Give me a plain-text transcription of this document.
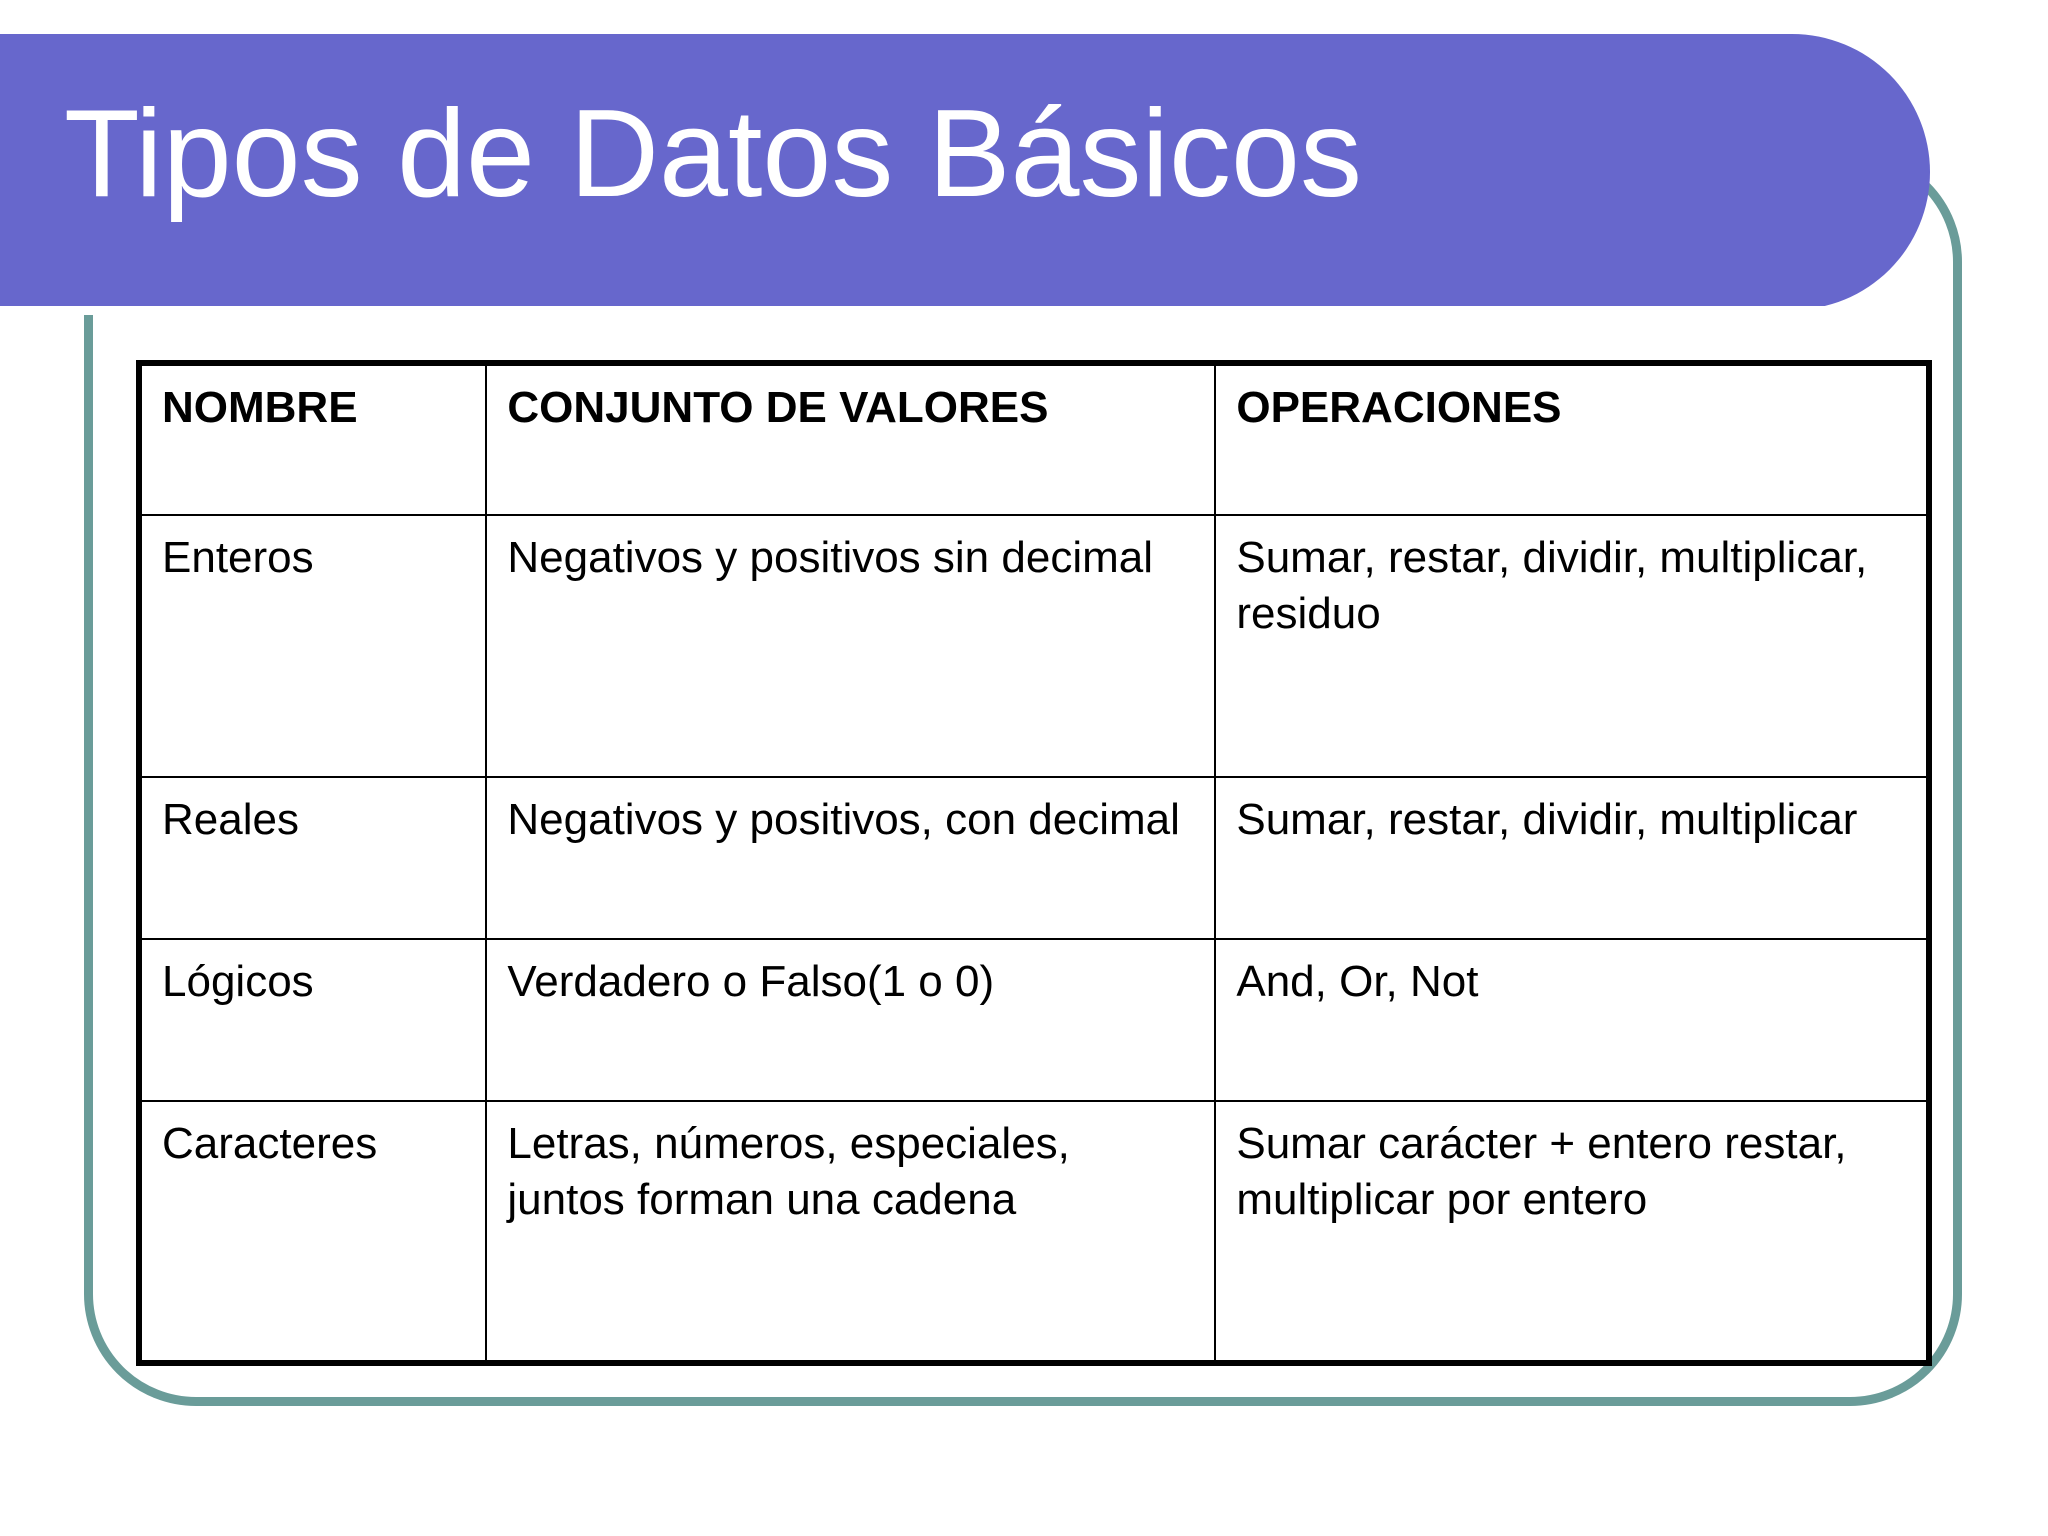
Tipos de Datos Básicos
NOMBRE	CONJUNTO DE VALORES	OPERACIONES
Enteros	Negativos y positivos sin decimal	Sumar, restar, dividir, multiplicar, residuo
Reales	Negativos y positivos, con decimal	Sumar, restar, dividir, multiplicar
Lógicos	Verdadero o Falso(1 o 0)	And, Or, Not
Caracteres	Letras, números, especiales, juntos forman una cadena	Sumar carácter + entero restar, multiplicar por entero
